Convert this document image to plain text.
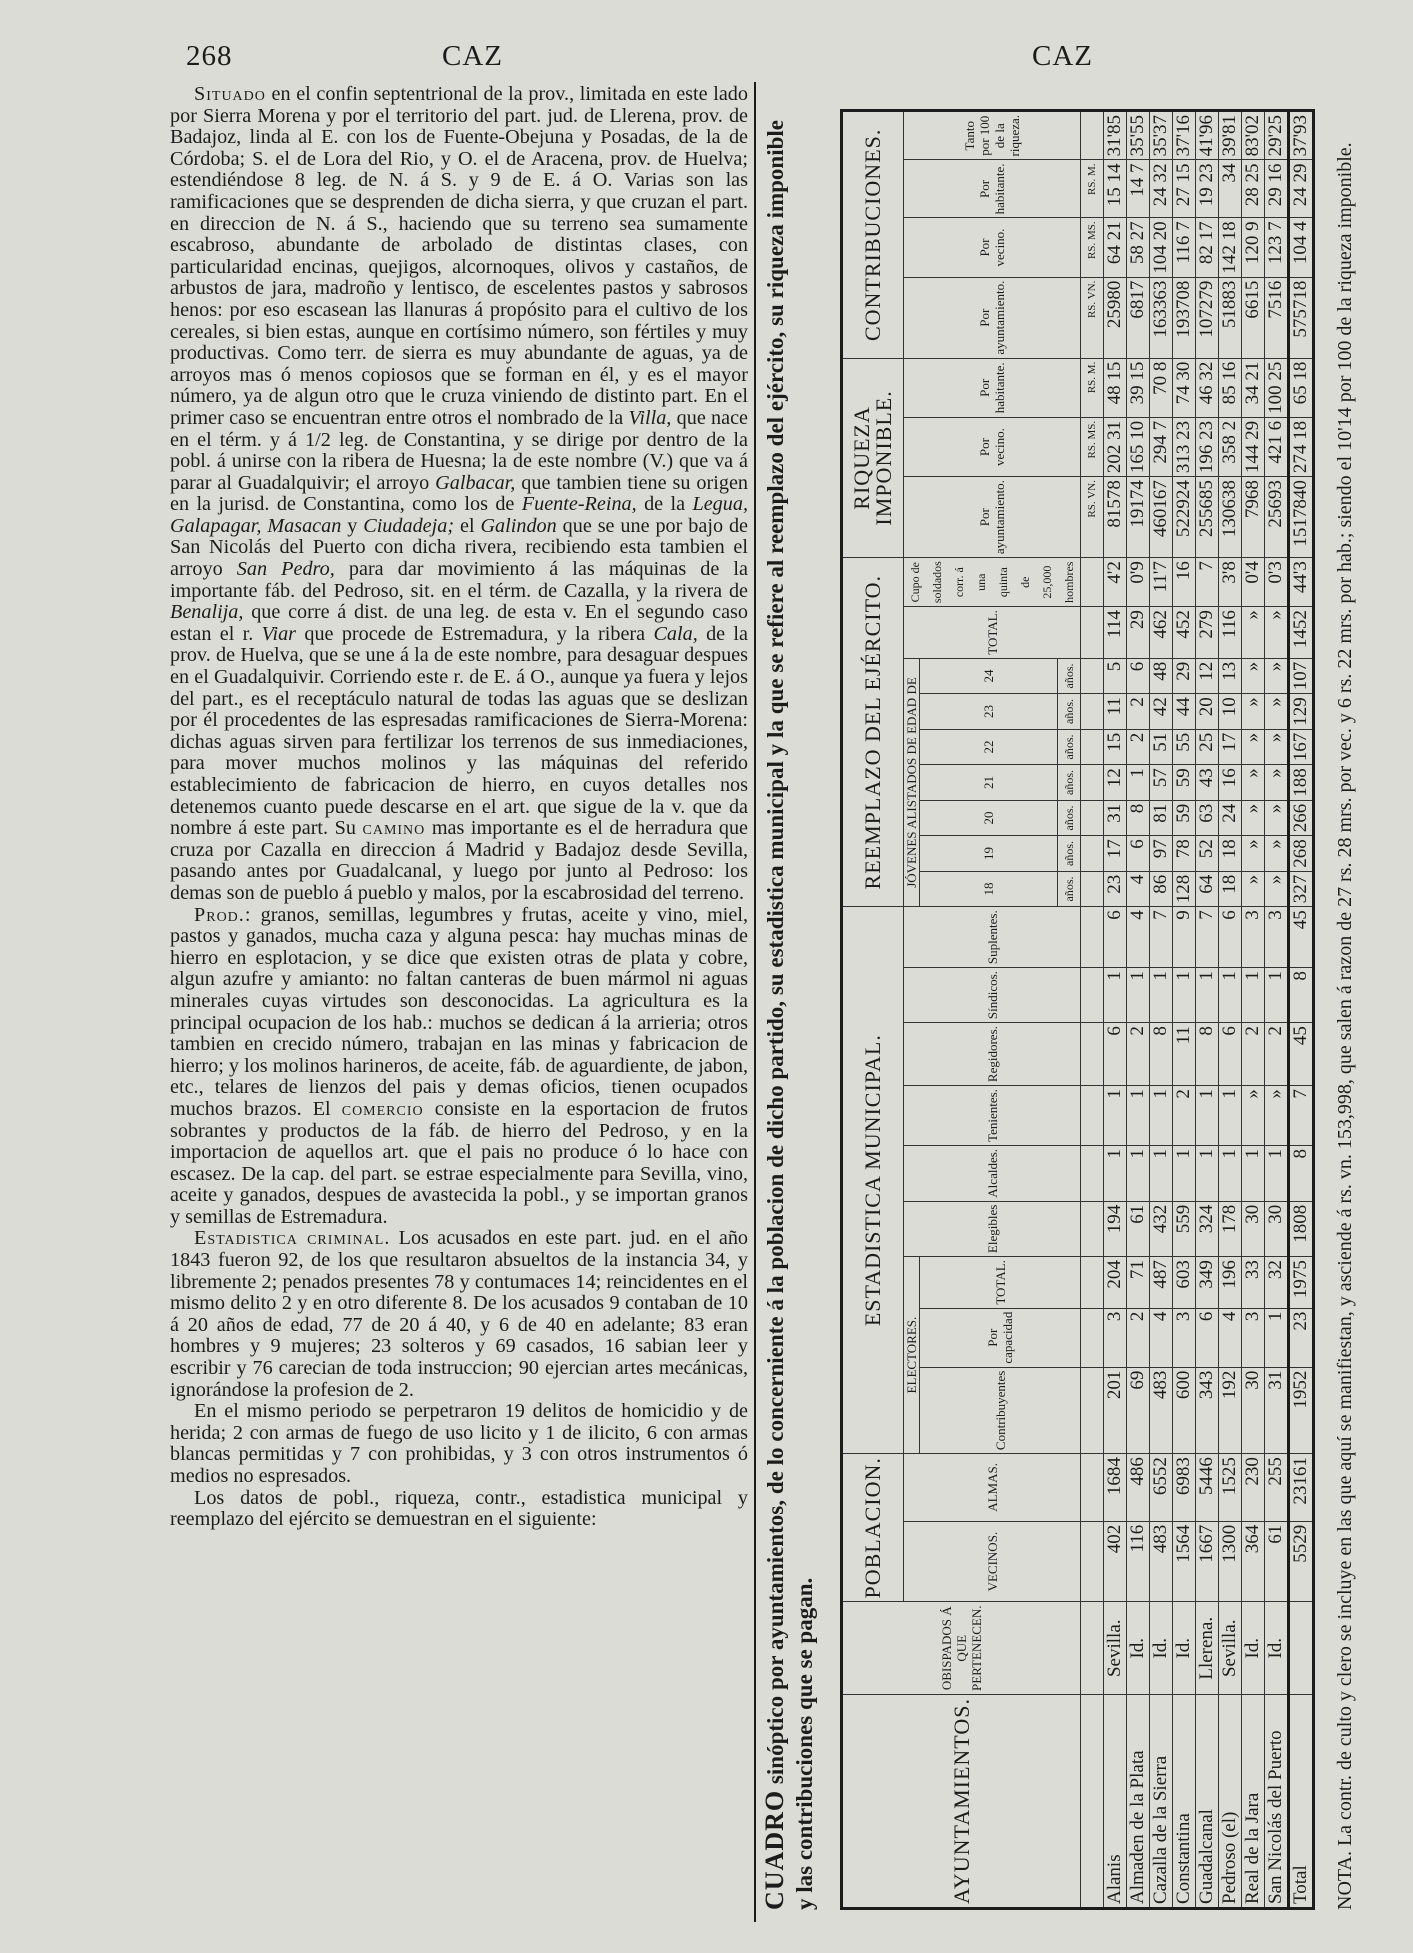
268	CAZ	CAZ

Situado en el confin septentrional de la prov., limitada en este lado por Sierra Morena y por el territorio del part. jud. de Llerena, prov. de Badajoz, linda al E. con los de Fuente-Obejuna y Posadas, de la de Córdoba; S. el de Lora del Rio, y O. el de Aracena, prov. de Huelva; estendiéndose 8 leg. de N. á S. y 9 de E. á O. Varias son las ramificaciones que se desprenden de dicha sierra, y que cruzan el part. en direccion de N. á S., haciendo que su terreno sea sumamente escabroso, abundante de arbolado de distintas clases, con particularidad encinas, quejigos, alcornoques, olivos y castaños, de arbustos de jara, madroño y lentisco, de escelentes pastos y sabrosos henos: por eso escasean las llanuras á propósito para el cultivo de los cereales, si bien estas, aunque en cortísimo número, son fértiles y muy productivas. Como terr. de sierra es muy abundante de aguas, ya de arroyos mas ó menos copiosos que se forman en él, y es el mayor número, ya de algun otro que le cruza viniendo de distinto part. En el primer caso se encuentran entre otros el nombrado de la Villa, que nace en el térm. y á 1/2 leg. de Constantina, y se dirige por dentro de la pobl. á unirse con la ribera de Huesna; la de este nombre (V.) que va á parar al Guadalquivir; el arroyo Galbacar, que tambien tiene su origen en la jurisd. de Constantina, como los de Fuente-Reina, de la Legua, Galapagar, Masacan y Ciudadeja; el Galindon que se une por bajo de San Nicolás del Puerto con dicha rivera, recibiendo esta tambien el arroyo San Pedro, para dar movimiento á las máquinas de la importante fáb. del Pedroso, sit. en el térm. de Cazalla, y la rivera de Benalija, que corre á dist. de una leg. de esta v. En el segundo caso estan el r. Viar que procede de Estremadura, y la ribera Cala, de la prov. de Huelva, que se une á la de este nombre, para desaguar despues en el Guadalquivir. Corriendo este r. de E. á O., aunque ya fuera y lejos del part., es el receptáculo natural de todas las aguas que se deslizan por él procedentes de las espresadas ramificaciones de Sierra-Morena: dichas aguas sirven para fertilizar los terrenos de sus inmediaciones, para mover muchos molinos y las máquinas del referido establecimiento de fabricacion de hierro, en cuyos detalles nos detenemos cuanto puede descarse en el art. que sigue de la v. que da nombre á este part. Su camino mas importante es el de herradura que cruza por Cazalla en direccion á Madrid y Badajoz desde Sevilla, pasando antes por Guadalcanal, y luego por junto al Pedroso: los demas son de pueblo á pueblo y malos, por la escabrosidad del terreno.

Prod.: granos, semillas, legumbres y frutas, aceite y vino, miel, pastos y ganados, mucha caza y alguna pesca: hay muchas minas de hierro en esplotacion, y se dice que existen otras de plata y cobre, algun azufre y amianto: no faltan canteras de buen mármol ni aguas minerales cuyas virtudes son desconocidas. La agricultura es la principal ocupacion de los hab.: muchos se dedican á la arrieria; otros tambien en crecido número, trabajan en las minas y fabricacion de hierro; y los molinos harineros, de aceite, fáb. de aguardiente, de jabon, etc., telares de lienzos del pais y demas oficios, tienen ocupados muchos brazos. El comercio consiste en la esportacion de frutos sobrantes y productos de la fáb. de hierro del Pedroso, y en la importacion de aquellos art. que el pais no produce ó lo hace con escasez. De la cap. del part. se estrae especialmente para Sevilla, vino, aceite y ganados, despues de avastecida la pobl., y se importan granos y semillas de Estremadura.

Estadistica criminal. Los acusados en este part. jud. en el año 1843 fueron 92, de los que resultaron absueltos de la instancia 34, y libremente 2; penados presentes 78 y contumaces 14; reincidentes en el mismo delito 2 y en otro diferente 8. De los acusados 9 contaban de 10 á 20 años de edad, 77 de 20 á 40, y 6 de 40 en adelante; 83 eran hombres y 9 mujeres; 23 solteros y 69 casados, 16 sabian leer y escribir y 76 carecian de toda instruccion; 90 ejercian artes mecánicas, ignorándose la profesion de 2.

En el mismo periodo se perpetraron 19 delitos de homicidio y de herida; 2 con armas de fuego de uso licito y 1 de ilicito, 6 con armas blancas permitidas y 7 con prohibidas, y 3 con otros instrumentos ó medios no espresados.

Los datos de pobl., riqueza, contr., estadistica municipal y reemplazo del ejército se demuestran en el siguiente:

CUADRO sinóptico por ayuntamientos, de lo concerniente á la poblacion de dicho partido, su estadistica municipal y la que se refiere al reemplazo del ejército, su riqueza imponible y las contribuciones que se pagan.	AYUNTAMIENTOS.	OBISPADOS Á QUE PERTENECEN.	POBLACION.		ESTADISTICA MUNICIPAL.									REEMPLAZO DEL EJÉRCITO.									RIQUEZA IMPONIBLE.			CONTRIBUCIONES.			
		VECINOS.	ALMAS.	ELECTORES.			Elegibles	Alcaldes.	Tenientes.	Regidores.	Síndicos.	Suplentes.	JÓVENES ALISTADOS DE EDAD DE							TOTAL.	Cupo de soldados corr. á una quinta de 25,000 hombres	Por ayuntamiento.	Por vecino.	Por habitante.	Por ayuntamiento.	Por vecino.	Por habitante.	Tanto por 100 de la riqueza.
				Contribuyentes	Por capacidad	TOTAL.							18	19	20	21	22	23	24									
													años.	años.	años.	años.	años.	años.	años.									
																						RS. VN.	RS. MS.	RS. M.	RS. VN.	RS. MS.	RS. M.	
Alanis	Sevilla.	402	1684	201	3	204	194	1	1	6	1	6	23	17	31	12	15	11	5	114	4'2	81578	202 31	48 15	25980	64 21	15 14	31'85
Almaden de la Plata	Id.	116	486	69	2	71	61	1	1	2	1	4	4	6	8	1	2	2	6	29	0'9	19174	165 10	39 15	6817	58 27	14 7	35'55
Cazalla de la Sierra	Id.	483	6552	483	4	487	432	1	1	8	1	7	86	97	81	57	51	42	48	462	11'7	460167	294 7	70 8	163363	104 20	24 32	35'37
Constantina	Id.	1564	6983	600	3	603	559	1	2	11	1	9	128	78	59	59	55	44	29	452	16	522924	313 23	74 30	193708	116 7	27 15	37'16
Guadalcanal	Llerena.	1667	5446	343	6	349	324	1	1	8	1	7	64	52	63	43	25	20	12	279	7	255685	196 23	46 32	107279	82 17	19 23	41'96
Pedroso (el)	Sevilla.	1300	1525	192	4	196	178	1	1	6	1	6	18	18	24	16	17	10	13	116	3'8	130638	358 2	85 16	51883	142 18	34	39'81
Real de la Jara	Id.	364	230	30	3	33	30	1	»	2	1	3	»	»	»	»	»	»	»	»	0'4	7968	144 29	34 21	6615	120 9	28 25	83'02
San Nicolás del Puerto	Id.	61	255	31	1	32	30	1	»	2	1	3	»	»	»	»	»	»	»	»	0'3	25693	421 6	100 25	7516	123 7	29 16	29'25
Total		5529	23161	1952	23	1975	1808	8	7	45	8	45	327	268	266	188	167	129	107	1452	44'3	1517840	274 18	65 18	575718	104 4	24 29	37'93
NOTA. La contr. de culto y clero se incluye en las que aquí se manifiestan, y asciende á rs. vn. 153,998, que salen á razon de 27 rs. 28 mrs. por vec. y 6 rs. 22 mrs. por hab.; siendo el 10'14 por 100 de la riqueza imponible.
